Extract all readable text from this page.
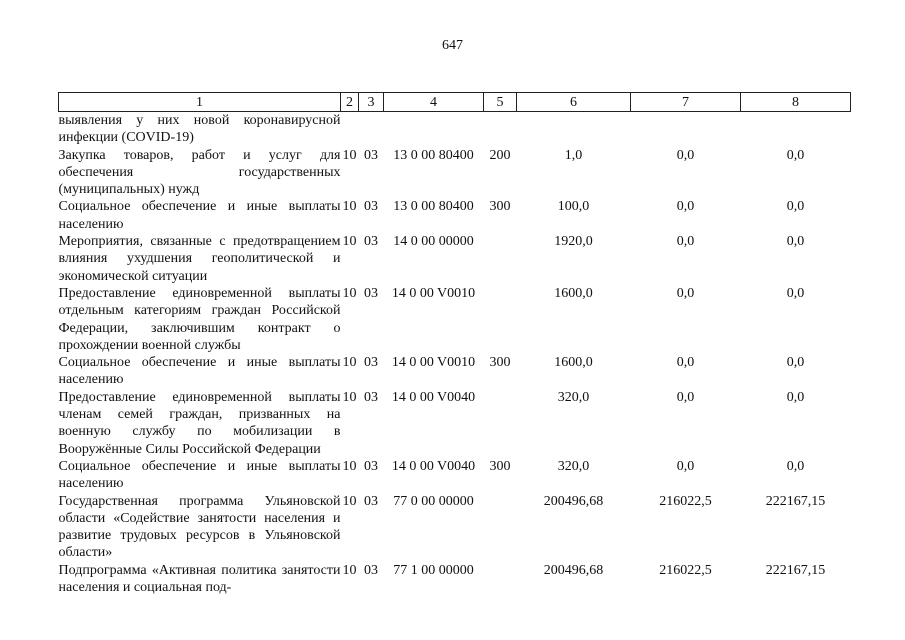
647
1	2	3	4	5	6	7	8
выявления у них новой коронавирусной инфекции (COVID-19)							
Закупка товаров, работ и услуг для обеспечения государственных (муниципальных) нужд	10	03	13 0 00 80400	200	1,0	0,0	0,0
Социальное обеспечение и иные выплаты населению	10	03	13 0 00 80400	300	100,0	0,0	0,0
Мероприятия, связанные с предотвращением влияния ухудшения геополитической и экономической ситуации	10	03	14 0 00 00000		1920,0	0,0	0,0
Предоставление единовременной выплаты отдельным категориям граждан Российской Федерации, заключившим контракт о прохождении военной службы	10	03	14 0 00 V0010		1600,0	0,0	0,0
Социальное обеспечение и иные выплаты населению	10	03	14 0 00 V0010	300	1600,0	0,0	0,0
Предоставление единовременной выплаты членам семей граждан, призванных на военную службу по мобилизации в Вооружённые Силы Российской Федерации	10	03	14 0 00 V0040		320,0	0,0	0,0
Социальное обеспечение и иные выплаты населению	10	03	14 0 00 V0040	300	320,0	0,0	0,0
Государственная программа Ульяновской области «Содействие занятости населения и развитие трудовых ресурсов в Ульяновской области»	10	03	77 0 00 00000		200496,68	216022,5	222167,15
Подпрограмма «Активная политика занятости населения и социальная под-	10	03	77 1 00 00000		200496,68	216022,5	222167,15
